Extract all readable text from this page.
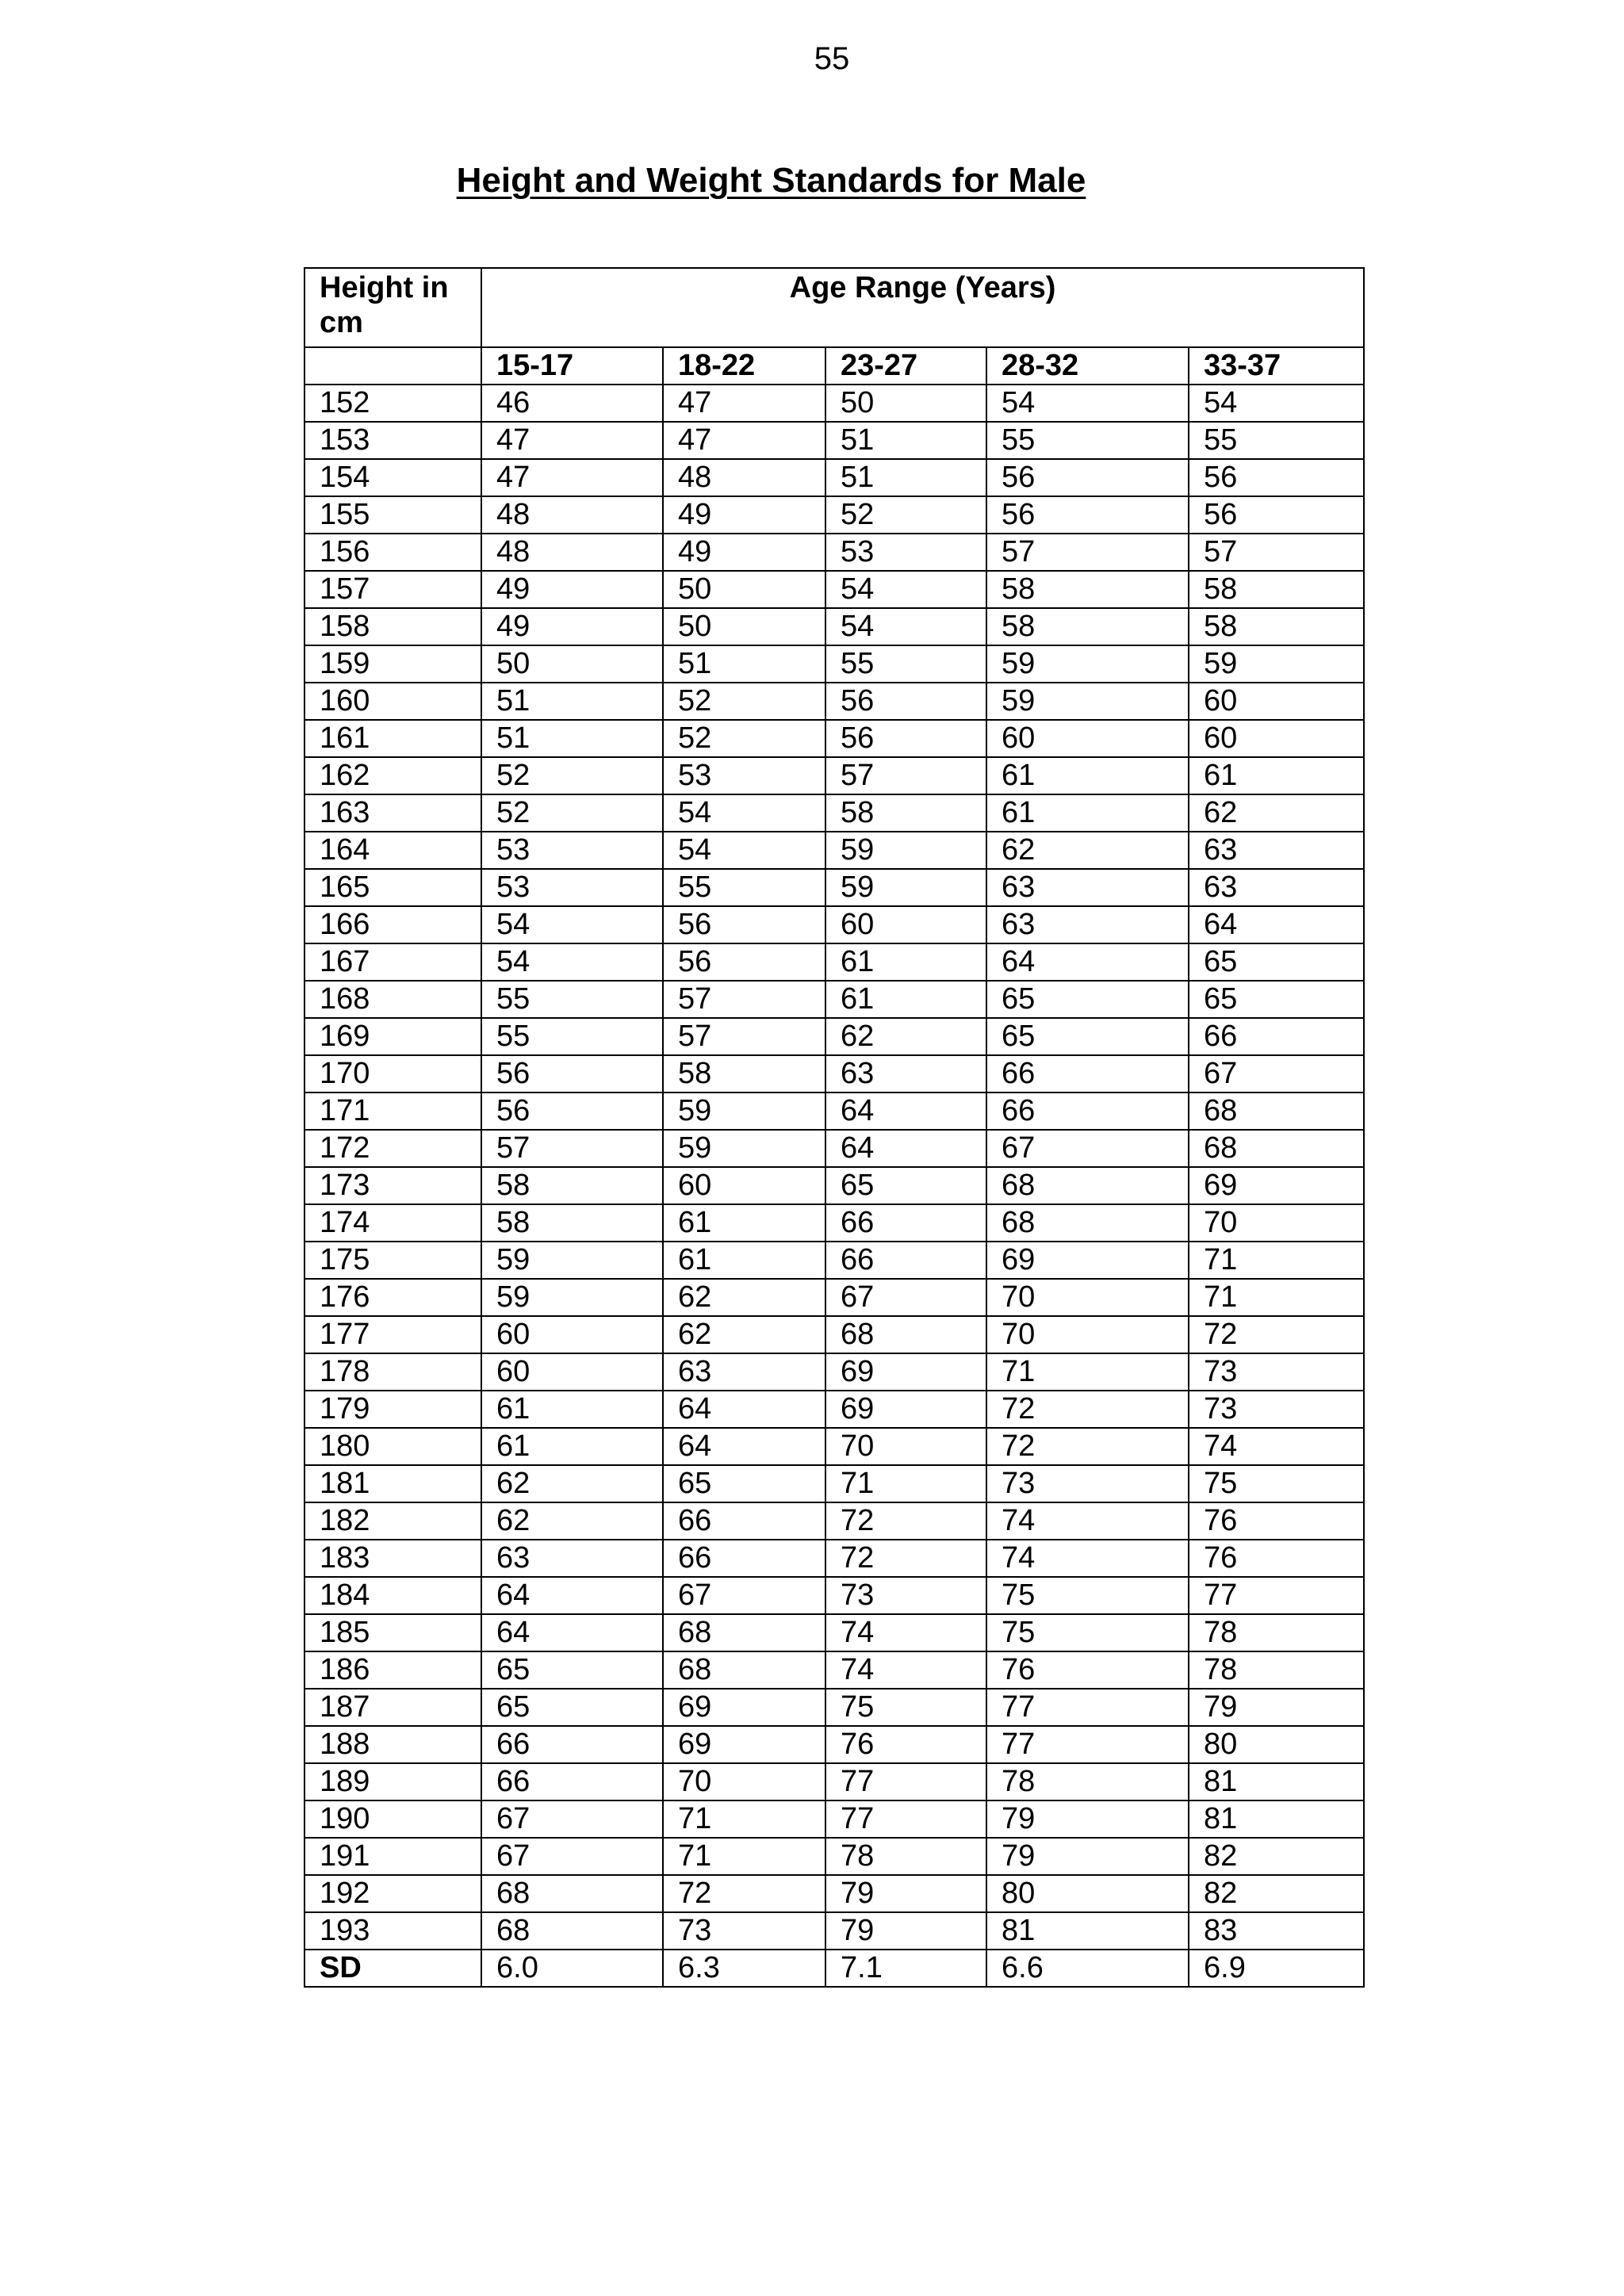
55
Height and Weight Standards for Male
Height in cm	Age Range (Years)				
	15-17	18-22	23-27	28-32	33-37
152	46	47	50	54	54
153	47	47	51	55	55
154	47	48	51	56	56
155	48	49	52	56	56
156	48	49	53	57	57
157	49	50	54	58	58
158	49	50	54	58	58
159	50	51	55	59	59
160	51	52	56	59	60
161	51	52	56	60	60
162	52	53	57	61	61
163	52	54	58	61	62
164	53	54	59	62	63
165	53	55	59	63	63
166	54	56	60	63	64
167	54	56	61	64	65
168	55	57	61	65	65
169	55	57	62	65	66
170	56	58	63	66	67
171	56	59	64	66	68
172	57	59	64	67	68
173	58	60	65	68	69
174	58	61	66	68	70
175	59	61	66	69	71
176	59	62	67	70	71
177	60	62	68	70	72
178	60	63	69	71	73
179	61	64	69	72	73
180	61	64	70	72	74
181	62	65	71	73	75
182	62	66	72	74	76
183	63	66	72	74	76
184	64	67	73	75	77
185	64	68	74	75	78
186	65	68	74	76	78
187	65	69	75	77	79
188	66	69	76	77	80
189	66	70	77	78	81
190	67	71	77	79	81
191	67	71	78	79	82
192	68	72	79	80	82
193	68	73	79	81	83
SD	6.0	6.3	7.1	6.6	6.9
